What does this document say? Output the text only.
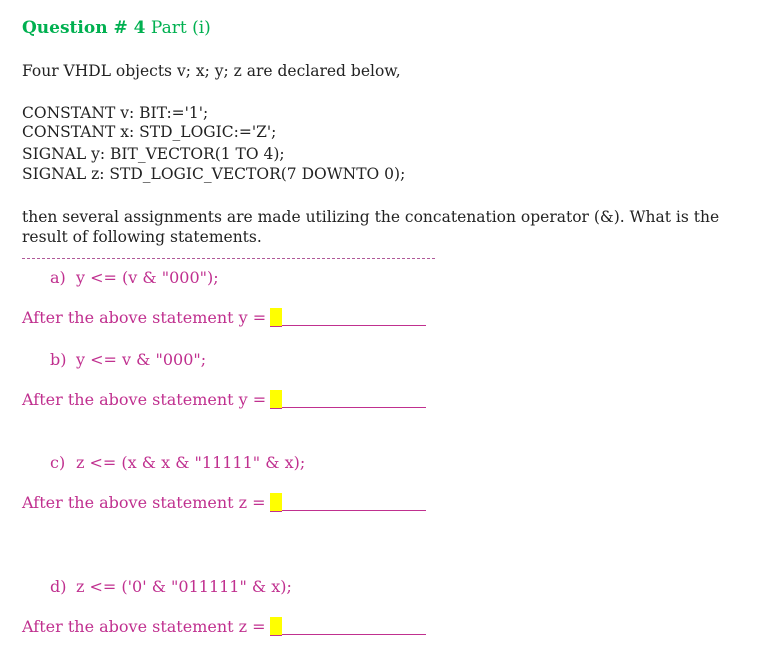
Question # 4 Part (i)
Four VHDL objects v; x; y; z are declared below,
CONSTANT v: BIT:='1';
CONSTANT x: STD_LOGIC:='Z';
SIGNAL y: BIT_VECTOR(1 TO 4);
SIGNAL z: STD_LOGIC_VECTOR(7 DOWNTO 0);
then several assignments are made utilizing the concatenation operator (&). What is the result of following statements.
a) y <= (v & "000");
After the above statement y =
b) y <= v & "000";
After the above statement y =
c) z <= (x & x & "11111" & x);
After the above statement z =
d) z <= ('0' & "011111" & x);
After the above statement z =
